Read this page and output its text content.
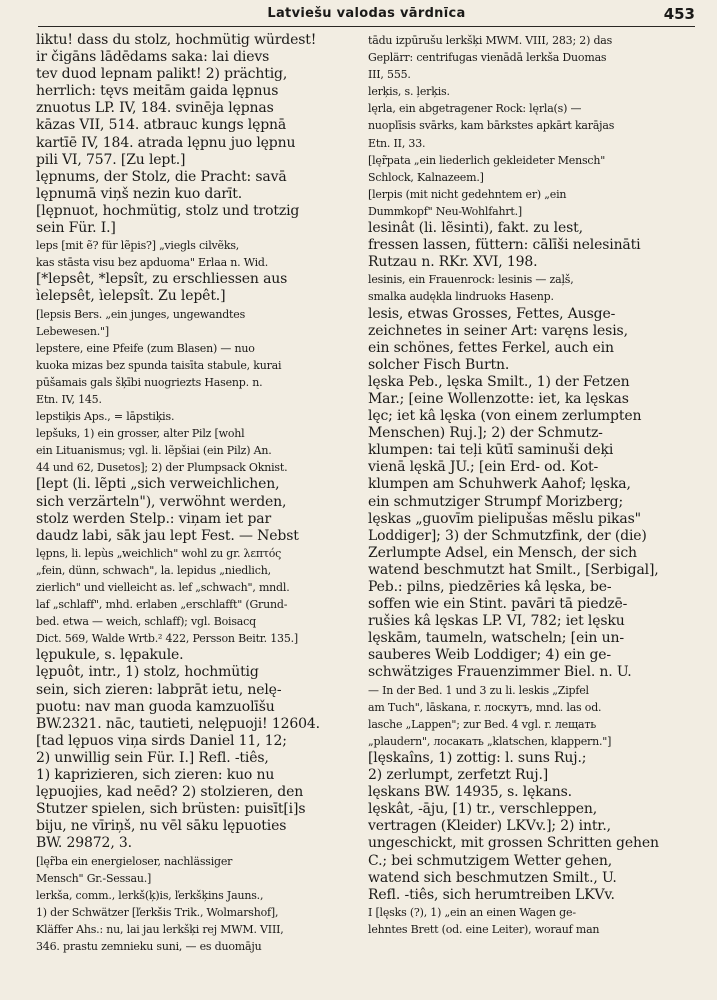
Latviešu valodas vārdnīca	453
liktu! dass du stolz, hochmütig würdest!
ir čigāns lādēdams saka: lai dievs
tev duod lepnam palikt! 2) prächtig,
herrlich: tęvs meitām gaida lępnus
znuotus LP. IV, 184. svinēja lępnas
kāzas VII, 514. atbrauc kungs lępnā
kartīē IV, 184. atrada lępnu juo lępnu
pili VI, 757. [Zu lept.]
lępnums, der Stolz, die Pracht: savā
lępnumā viņš nezin kuo darīt.
[lępnuot, hochmütig, stolz und trotzig
sein Für. I.]
leps [mit ẽ? für lẽpis?] „viegls cilvẽks,
kas stāsta visu bez apduoma" Erlaa n. Wid.
[*lepsêt, *lepsît, zu erschliessen aus
ìelepsêt, ìelepsît. Zu lepêt.]
[lepsis Bers. „ein junges, ungewandtes
Lebewesen."]
lepstere, eine Pfeife (zum Blasen) — nuo
kuoka mizas bez spunda taisīta stabule, kurai
pūšamais gals šķībi nuogriezts Hasenp. n.
Etn. IV, 145.
lepstiķis Aps., = lāpstiķis.
lepšuks, 1) ein grosser, alter Pilz [wohl
ein Lituanismus; vgl. li. lẽpšiai (ein Pilz) An.
44 und 62, Dusetos]; 2) der Plumpsack Oknist.
[lept (li. lẽpti „sich verweichlichen,
sich verzärteln"), verwöhnt werden,
stolz werden Stelp.: viņam iet par
daudz labi, sāk jau lept Fest. — Nebst
lępns, li. lepùs „weichlich" wohl zu gr. λεπτός
„fein, dünn, schwach", la. lepidus „niedlich,
zierlich" und vielleicht as. lef „schwach", mndl.
laf „schlaff", mhd. erlaben „erschlafft" (Grund-
bed. etwa — weich, schlaff); vgl. Boisacq
Dict. 569, Walde Wrtb.² 422, Persson Beitr. 135.]
lępukule, s. lępakule.
lępuôt, intr., 1) stolz, hochmütig
sein, sich zieren: labprāt ietu, nelę-
puotu: nav man guoda kamzuolīšu
BW.2321. nāc, tautieti, nelępuoji! 12604.
[tad lępuos viņa sirds Daniel 11, 12;
2) unwillig sein Für. I.] Refl. -tiês,
1) kaprizieren, sich zieren: kuo nu
lępuojies, kad neēd? 2) stolzieren, den
Stutzer spielen, sich brüsten: puisīt[i]s
biju, ne vīriņš, nu vēl sāku lępuoties
BW. 29872, 3.
[lęr̃ba ein energieloser, nachlässiger
Mensch" Gr.-Sessau.]
lerkša, comm., lerkš(ķ)is, ľerkšķins Jauns.,
1) der Schwätzer [ľerkšis Trik., Wolmarshof],
Kläffer Ahs.: nu, lai jau lerkšķi rej MWM. VIII,
346. prastu zemnieku suni, — es duomāju
tādu izpūrušu lerkšķi MWM. VIII, 283; 2) das
Geplärr: centrifugas vienādā lerkša Duomas
III, 555.
lerķis, s. ļerķis.
lęrla, ein abgetragener Rock: lęrla(s) —
nuoplīsis svārks, kam bārkstes apkārt karājas
Etn. II, 33.
[lęr̃pata „ein liederlich gekleideter Mensch"
Schlock, Kalnazeem.]
[lerpis (mit nicht gedehntem er) „ein
Dummkopf" Neu-Wohlfahrt.]
lesinât (li. lẽsinti), fakt. zu lest,
fressen lassen, füttern: cālīši nelesināti
Rutzau n. RKr. XVI, 198.
lesinis, ein Frauenrock: lesinis — zaļš,
smalka audękla lindruoks Hasenp.
lesis, etwas Grosses, Fettes, Ausge-
zeichnetes in seiner Art: varęns lesis,
ein schönes, fettes Ferkel, auch ein
solcher Fisch Burtn.
lęska Peb., lęska Smilt., 1) der Fetzen
Mar.; [eine Wollenzotte: iet, ka lęskas
lęc; iet kâ lęska (von einem zerlumpten
Menschen) Ruj.]; 2) der Schmutz-
klumpen: tai teļi kūtī saminuši deķi
vienā lęskā JU.; [ein Erd- od. Kot-
klumpen am Schuhwerk Aahof; lęska,
ein schmutziger Strumpf Morizberg;
lęskas „guovīm pielipušas mẽslu pikas"
Loddiger]; 3) der Schmutzfink, der (die)
Zerlumpte Adsel, ein Mensch, der sich
watend beschmutzt hat Smilt., [Serbigal],
Peb.: pilns, piedzēries kâ lęska, be-
soffen wie ein Stint. pavāri tā piedzē-
rušies kâ lęskas LP. VI, 782; iet lęsku
lęskām, taumeln, watscheln; [ein un-
sauberes Weib Loddiger; 4) ein ge-
schwätziges Frauenzimmer Biel. n. U.
— In der Bed. 1 und 3 zu li. leskis „Zipfel
am Tuch", lāskana, r. лоскутъ, mnd. las od.
lasche „Lappen"; zur Bed. 4 vgl. r. лещать
„plaudern", лосакать „klatschen, klappern."]
[lęskaîns, 1) zottig: l. suns Ruj.;
2) zerlumpt, zerfetzt Ruj.]
lęskans BW. 14935, s. lękans.
lęskât, -āju, [1) tr., verschleppen,
vertragen (Kleider) LKVv.]; 2) intr.,
ungeschickt, mit grossen Schritten gehen
C.; bei schmutzigem Wetter gehen,
watend sich beschmutzen Smilt., U.
Refl. -tiês, sich herumtreiben LKVv.
I [lęsks (?), 1) „ein an einen Wagen ge-
lehntes Brett (od. eine Leiter), worauf man
